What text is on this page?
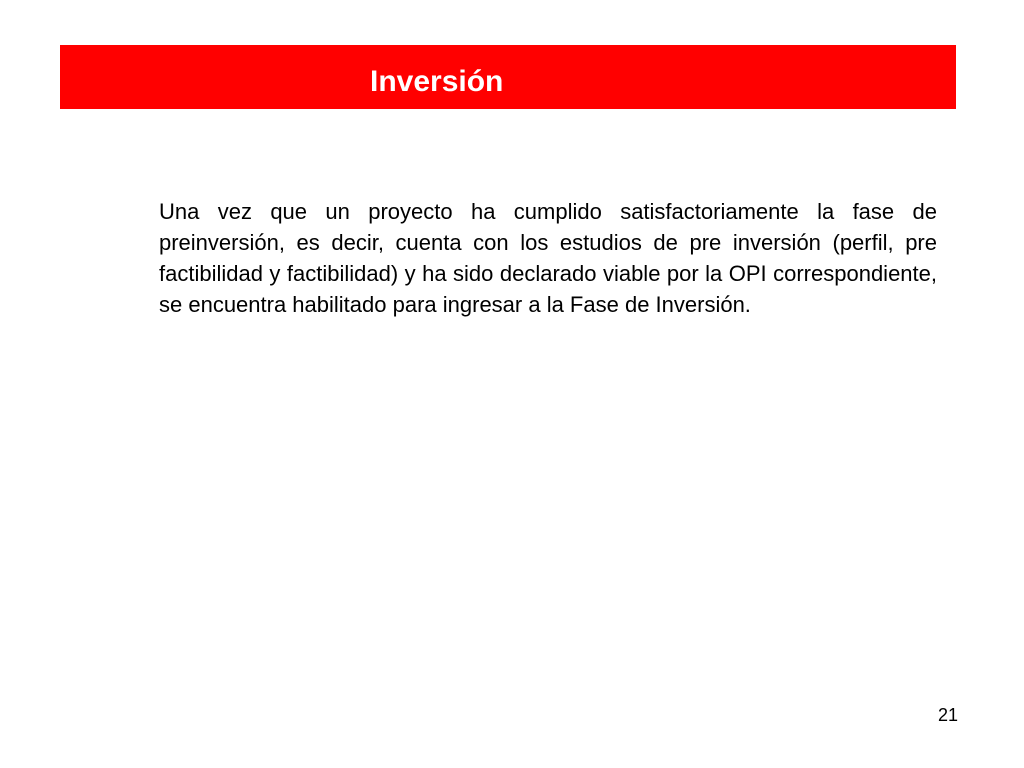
Inversión

Una vez que un proyecto ha cumplido satisfactoriamente la fase de preinversión, es decir, cuenta con los estudios de pre inversión (perfil, pre factibilidad y factibilidad) y ha sido declarado viable por la OPI correspondiente, se encuentra habilitado para ingresar a la Fase de Inversión.

21
